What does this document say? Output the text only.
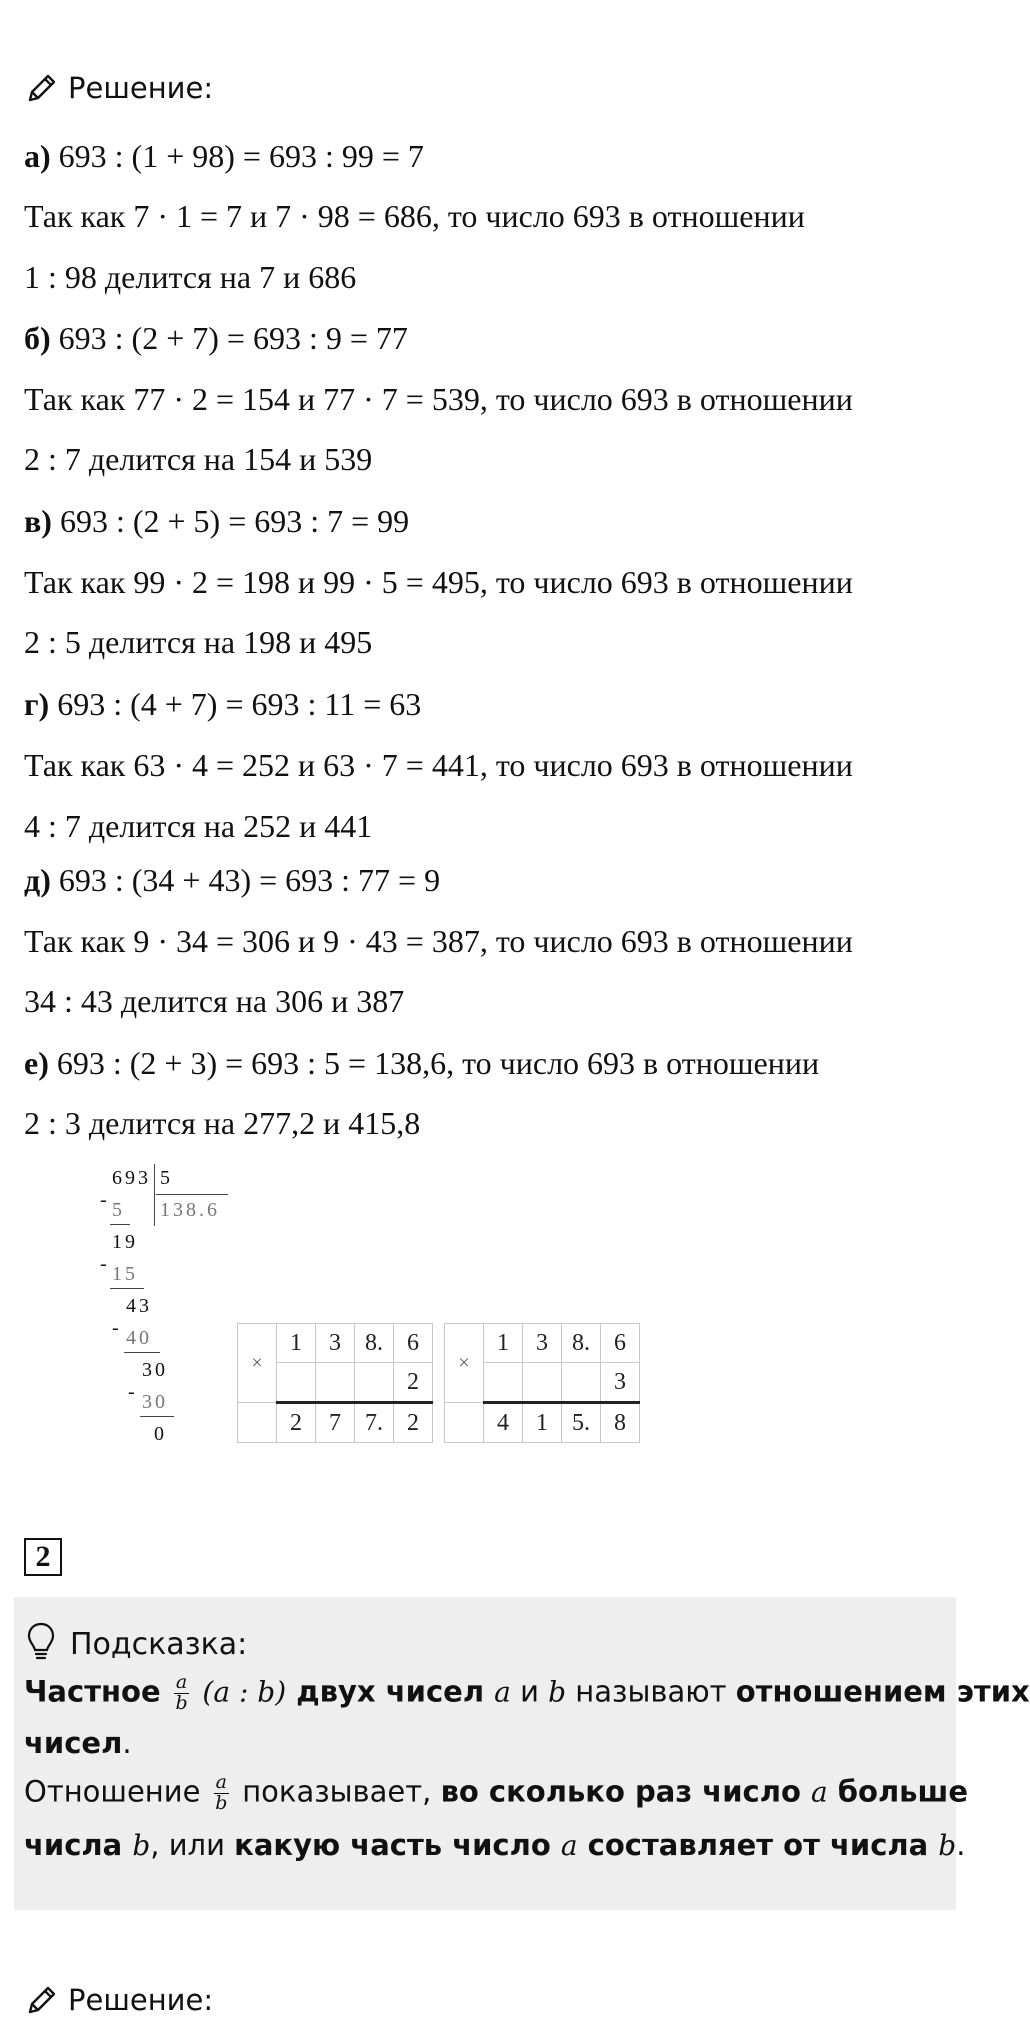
Решение:
а) 693 : (1 + 98) = 693 : 99 = 7
Так как 7 · 1 = 7 и 7 · 98 = 686, то число 693 в отношении
1 : 98 делится на 7 и 686
б) 693 : (2 + 7) = 693 : 9 = 77
Так как 77 · 2 = 154 и 77 · 7 = 539, то число 693 в отношении
2 : 7 делится на 154 и 539
в) 693 : (2 + 5) = 693 : 7 = 99
Так как 99 · 2 = 198 и 99 · 5 = 495, то число 693 в отношении
2 : 5 делится на 198 и 495
г) 693 : (4 + 7) = 693 : 11 = 63
Так как 63 · 4 = 252 и 63 · 7 = 441, то число 693 в отношении
4 : 7 делится на 252 и 441
д) 693 : (34 + 43) = 693 : 77 = 9
Так как 9 · 34 = 306 и 9 · 43 = 387, то число 693 в отношении
34 : 43 делится на 306 и 387
е) 693 : (2 + 3) = 693 : 5 = 138,6, то число 693 в отношении
2 : 3 делится на 277,2 и 415,8
693 5
138.6
- 5
19
- 15
43
- 40
30
- 30
0
×	1	3	8.	6
				2
	2	7	7.	2
×	1	3	8.	6
				3
	4	1	5.	8
2
Подсказка:
Частное $\frac{a}{b} (a$ : b) двух чисел a и b называют отношением этих
чисел.
Отношение $\frac{a}{b}$ показывает, во сколько раз число a больше
числа b, или какую часть число a составляет от числа b.
Решение:
